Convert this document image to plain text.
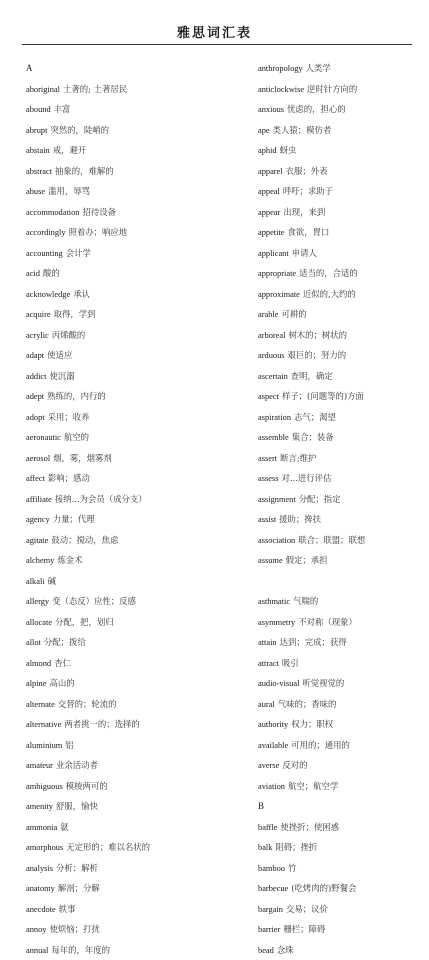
雅思词汇表
A
aboriginal 土著的; 土著居民
abound 丰富
abrupt 突然的，陡峭的
abstain 戒，避开
abstract 抽象的，难解的
abuse 滥用，辱骂
accommodation 招待设备
accordingly 照着办；响应地
accounting 会计学
acid 酸的
acknowledge 承认
acquire 取得，学到
acrylic 丙烯酸的
adapt 使适应
addict 使沉溺
adept 熟练的，内行的
adopt 采用；收养
aeronautic 航空的
aerosol 烟，雾，烟雾剂
affect 影响；感动
affiliate 接纳...为会员（成分支）
agency 力量；代理
agitate 鼓动；搅动，焦虑
alchemy 炼金术
alkali 碱
allergy 变（态反）应性；反感
allocate 分配，把，划归
allot 分配；拨给
almond 杏仁
alpine 高山的
alternate 交替的；轮流的
alternative 两者挑一的；选择的
aluminium 铝
amateur 业余活动者
ambiguous 模棱两可的
amenity 舒服，愉快
ammonia 氨
amorphous 无定形的；难以名状的
analysis 分析；解析
anatomy 解剖；分解
anecdote 轶事
annoy 使烦恼；打扰
annual 每年的，年度的
anthropology 人类学
anticlockwise 逆时针方向的
anxious 忧虑的，担心的
ape 类人猿；模仿者
aphid 蚜虫
apparel 衣服；外表
appeal 呼吁；求助于
appear 出现，来到
appetite 食欲，胃口
applicant 申请人
appropriate 适当的，合适的
approximate 近似的,大约的
arable 可耕的
arboreal 树木的；树状的
arduous 艰巨的；努力的
ascertain 查明，确定
aspect 样子；(问题等的)方面
aspiration 志气；渴望
assemble 集合；装备
assert 断言;维护
assess 对...进行评估
assignment 分配；指定
assist 援助；搀扶
association 联合；联盟；联想
assume 假定；承担
asthmatic 气喘的
asymmetry 不对称（现象）
attain 达到；完成；获得
attract 吸引
audio-visual 听觉视觉的
aural 气味的；香味的
authority 权力；职权
available 可用的；通用的
averse 反对的
aviation 航空；航空学
B
baffle 使挫折；使困惑
balk 阻碍；挫折
bamboo 竹
barbecue (吃烤肉的)野餐会
bargain 交易；议价
barrier 栅栏；障碍
bead 念珠
